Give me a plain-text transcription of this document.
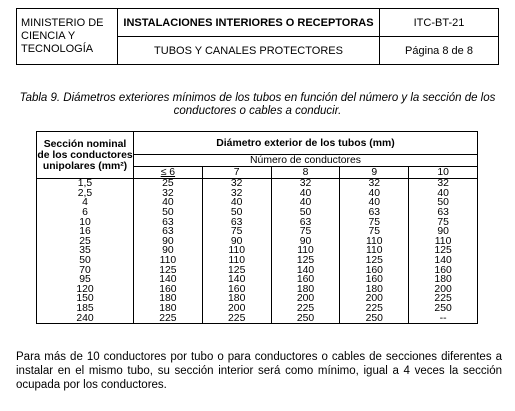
MINISTERIO DE CIENCIA Y TECNOLOGÍA	INSTALACIONES INTERIORES O RECEPTORAS	ITC-BT-21
	TUBOS Y CANALES PROTECTORES	Página 8 de 8
Tabla 9. Diámetros exteriores mínimos de los tubos en función del número y la sección de los conductores o cables a conducir.
Sección nominal de los conductores unipolares (mm²)	Diámetro exterior de los tubos (mm)				
	Número de conductores				
	≤ 6	7	8	9	10
1,5	25	32	32	32	32
2,5	32	32	40	40	40
4	40	40	40	40	50
6	50	50	50	63	63
10	63	63	63	75	75
16	63	75	75	75	90
25	90	90	90	110	110
35	90	110	110	110	125
50	110	110	125	125	140
70	125	125	140	160	160
95	140	140	160	160	180
120	160	160	180	180	200
150	180	180	200	200	225
185	180	200	225	225	250
240	225	225	250	250	--
Para más de 10 conductores por tubo o para conductores o cables de secciones diferentes a instalar en el mismo tubo, su sección interior será como mínimo, igual a 4 veces la sección ocupada por los conductores.
